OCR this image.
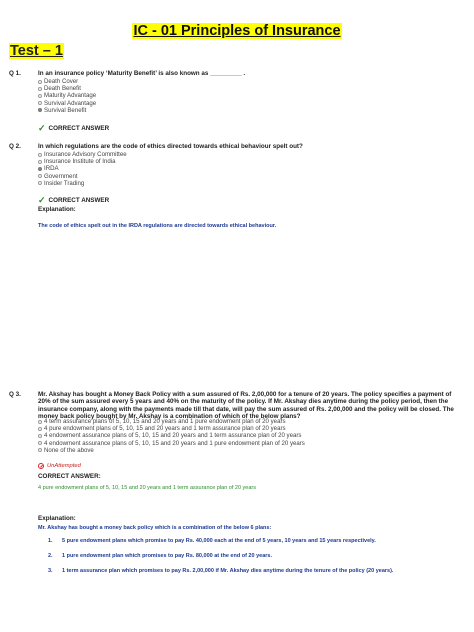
IC - 01 Principles of Insurance
Test – 1
Q 1.	In an insurance policy ‘Maturity Benefit’ is also known as _________ .
Death Cover
Death Benefit
Maturity Advantage
Survival Advantage
Survival Benefit
✓ CORRECT ANSWER
Q 2.	In which regulations are the code of ethics directed towards ethical behaviour spelt out?
Insurance Advisory Committee
Insurance Institute of India
IRDA
Government
Insider Trading
✓ CORRECT ANSWER
Explanation:
The code of ethics spelt out in the IRDA regulations are directed towards ethical behaviour.
Q 3.	Mr. Akshay has bought a Money Back Policy with a sum assured of Rs. 2,00,000 for a tenure of 20 years. The policy specifies a payment of 20% of the sum assured every 5 years and 40% on the maturity of the policy. If Mr. Akshay dies anytime during the policy period, then the insurance company, along with the payments made till that date, will pay the sum assured of Rs. 2,00,000 and the policy will be closed. The money back policy bought by Mr. Akshay is a combination of which of the below plans?
4 term assurance plans of 5, 10, 15 and 20 years and 1 pure endowment plan of 20 years
4 pure endowment plans of 5, 10, 15 and 20 years and 1 term assurance plan of 20 years
4 endowment assurance plans of 5, 10, 15 and 20 years and 1 term assurance plan of 20 years
4 endowment assurance plans of 5, 10, 15 and 20 years and 1 pure endowment plan of 20 years
None of the above
UnAttempted
CORRECT ANSWER:
4 pure endowment plans of 5, 10, 15 and 20 years and 1 term assurance plan of 20 years
Explanation:
Mr. Akshay has bought a money back policy which is a combination of the below 6 plans:
1. 5 pure endowment plans which promise to pay Rs. 40,000 each at the end of 5 years, 10 years and 15 years respectively.
2. 1 pure endowment plan which promises to pay Rs. 80,000 at the end of 20 years.
3. 1 term assurance plan which promises to pay Rs. 2,00,000 if Mr. Akshay dies anytime during the tenure of the policy (20 years).
